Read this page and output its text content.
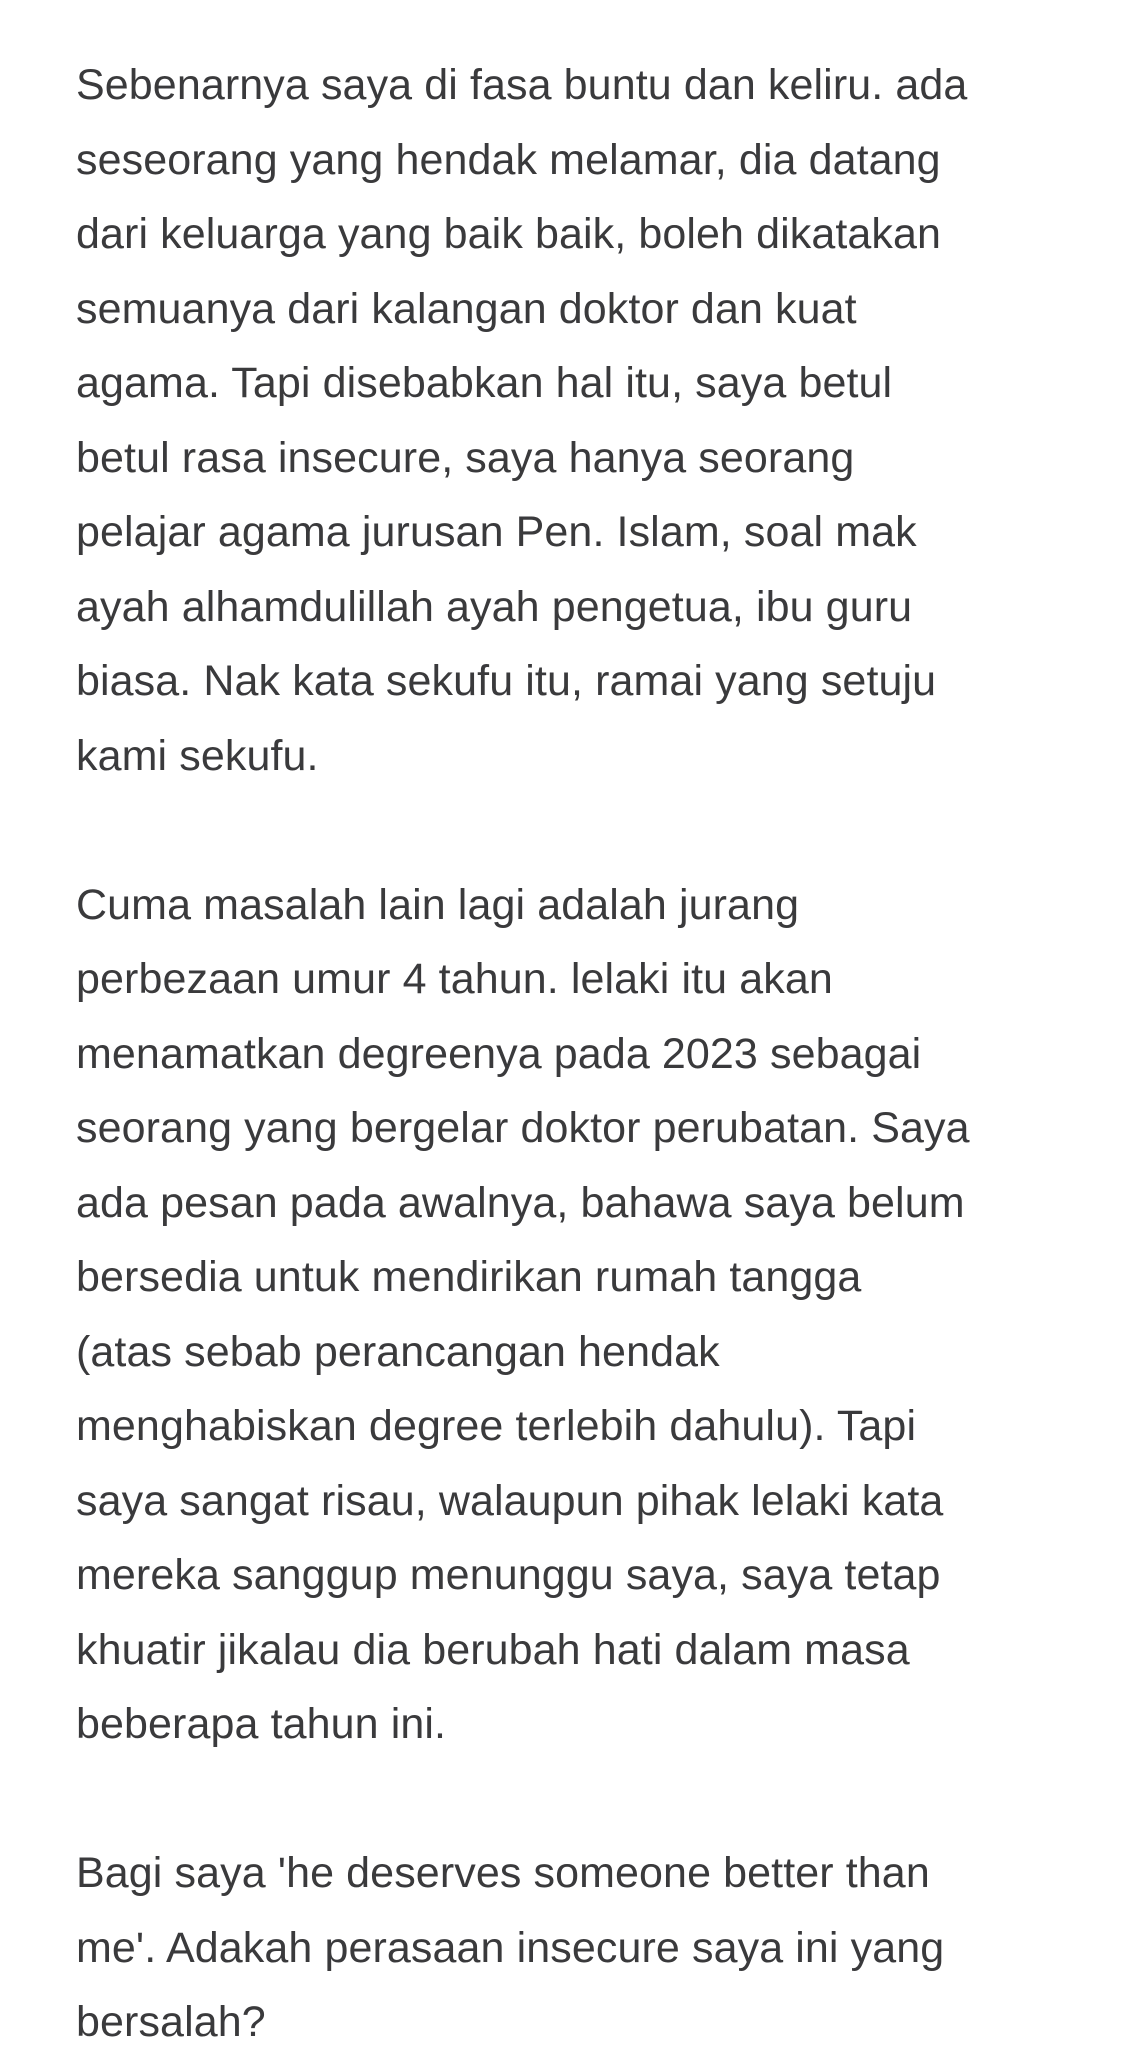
Sebenarnya saya di fasa buntu dan keliru. ada
seseorang yang hendak melamar, dia datang
dari keluarga yang baik baik, boleh dikatakan
semuanya dari kalangan doktor dan kuat
agama. Tapi disebabkan hal itu, saya betul
betul rasa insecure, saya hanya seorang
pelajar agama jurusan Pen. Islam, soal mak
ayah alhamdulillah ayah pengetua, ibu guru
biasa. Nak kata sekufu itu, ramai yang setuju
kami sekufu.

Cuma masalah lain lagi adalah jurang
perbezaan umur 4 tahun. lelaki itu akan
menamatkan degreenya pada 2023 sebagai
seorang yang bergelar doktor perubatan. Saya
ada pesan pada awalnya, bahawa saya belum
bersedia untuk mendirikan rumah tangga
(atas sebab perancangan hendak
menghabiskan degree terlebih dahulu). Tapi
saya sangat risau, walaupun pihak lelaki kata
mereka sanggup menunggu saya, saya tetap
khuatir jikalau dia berubah hati dalam masa
beberapa tahun ini.

Bagi saya 'he deserves someone better than
me'. Adakah perasaan insecure saya ini yang
bersalah?
